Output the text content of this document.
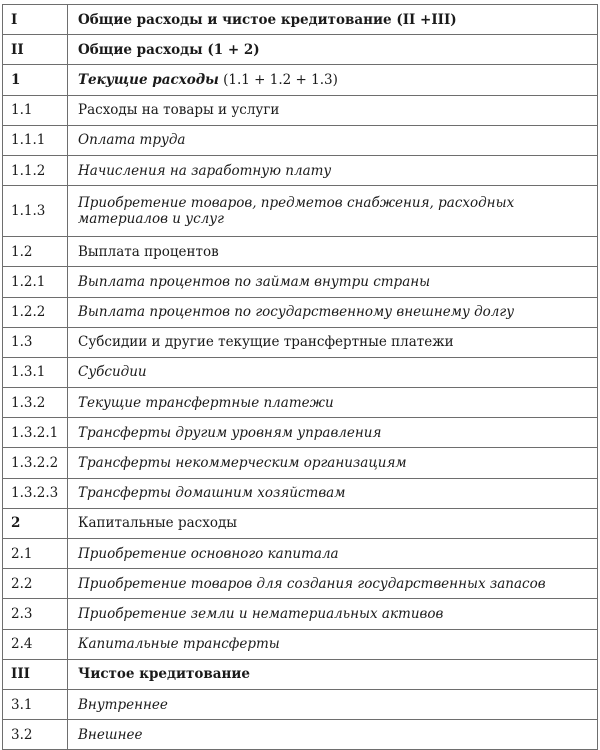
I	Общие расходы и чистое кредитование (II +III)
II	Общие расходы (1 + 2)
1	Текущие расходы (1.1 + 1.2 + 1.3)
1.1	Расходы на товары и услуги
1.1.1	Оплата труда
1.1.2	Начисления на заработную плату
1.1.3	Приобретение товаров, предметов снабжения, расходных материалов и услуг
1.2	Выплата процентов
1.2.1	Выплата процентов по займам внутри страны
1.2.2	Выплата процентов по государственному внешнему долгу
1.3	Субсидии и другие текущие трансфертные платежи
1.3.1	Субсидии
1.3.2	Текущие трансфертные платежи
1.3.2.1	Трансферты другим уровням управления
1.3.2.2	Трансферты некоммерческим организациям
1.3.2.3	Трансферты домашним хозяйствам
2	Капитальные расходы
2.1	Приобретение основного капитала
2.2	Приобретение товаров для создания государственных запасов
2.3	Приобретение земли и нематериальных активов
2.4	Капитальные трансферты
III	Чистое кредитование
3.1	Внутреннее
3.2	Внешнее
